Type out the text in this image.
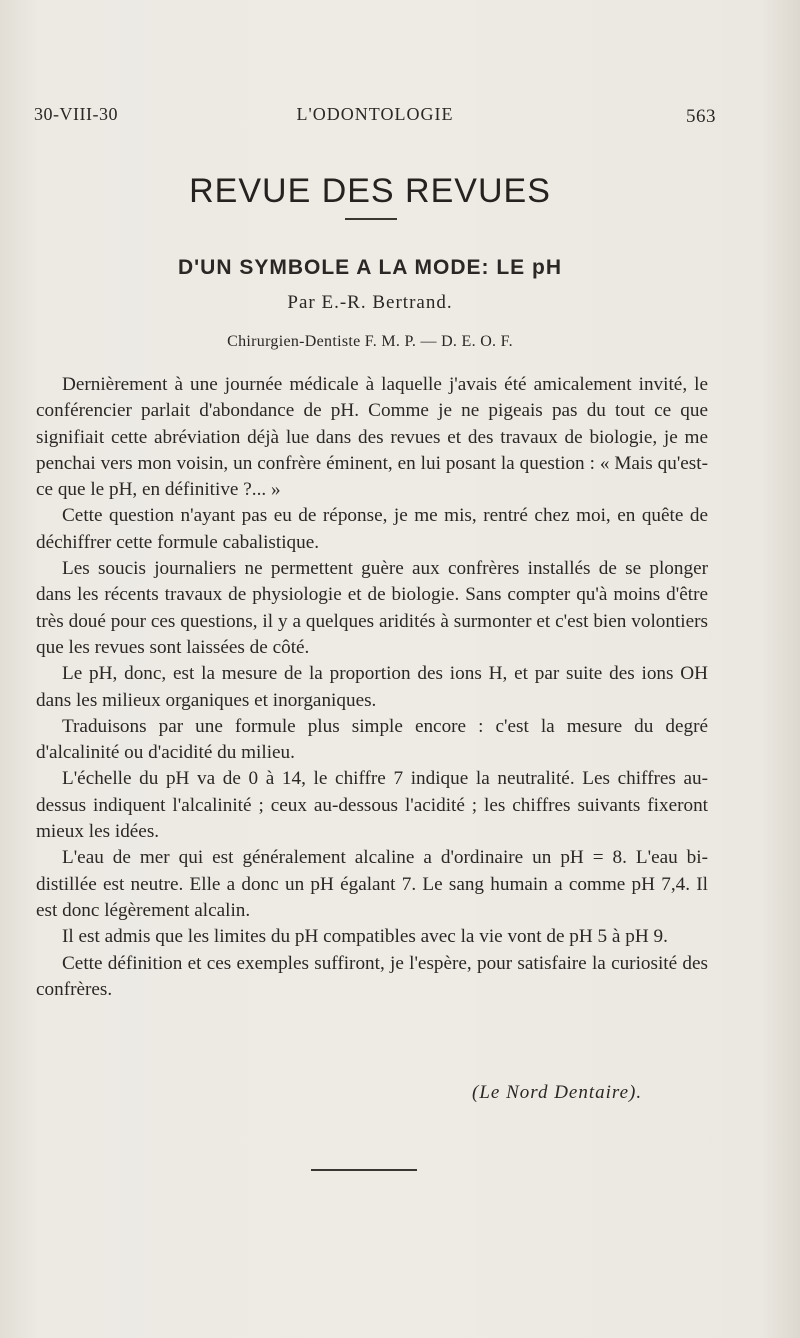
30-VIII-30	L'ODONTOLOGIE	563
REVUE DES REVUES
D'UN SYMBOLE A LA MODE: LE pH
Par E.-R. Bertrand.
Chirurgien-Dentiste F. M. P. — D. E. O. F.

Dernièrement à une journée médicale à laquelle j'avais été amicalement invité, le conférencier parlait d'abondance de pH. Comme je ne pigeais pas du tout ce que signifiait cette abréviation déjà lue dans des revues et des travaux de biologie, je me penchai vers mon voisin, un confrère éminent, en lui posant la question : « Mais qu'est-ce que le pH, en définitive ?... »

Cette question n'ayant pas eu de réponse, je me mis, rentré chez moi, en quête de déchiffrer cette formule cabalistique.

Les soucis journaliers ne permettent guère aux confrères installés de se plonger dans les récents travaux de physiologie et de biologie. Sans compter qu'à moins d'être très doué pour ces questions, il y a quelques aridités à surmonter et c'est bien volontiers que les revues sont laissées de côté.

Le pH, donc, est la mesure de la proportion des ions H, et par suite des ions OH dans les milieux organiques et inorganiques.

Traduisons par une formule plus simple encore : c'est la mesure du degré d'alcalinité ou d'acidité du milieu.

L'échelle du pH va de 0 à 14, le chiffre 7 indique la neutralité. Les chiffres au-dessus indiquent l'alcalinité ; ceux au-dessous l'acidité ; les chiffres suivants fixeront mieux les idées.

L'eau de mer qui est généralement alcaline a d'ordinaire un pH = 8. L'eau bi-distillée est neutre. Elle a donc un pH égalant 7. Le sang humain a comme pH 7,4. Il est donc légèrement alcalin.

Il est admis que les limites du pH compatibles avec la vie vont de pH 5 à pH 9.

Cette définition et ces exemples suffiront, je l'espère, pour satisfaire la curiosité des confrères.

(Le Nord Dentaire).
